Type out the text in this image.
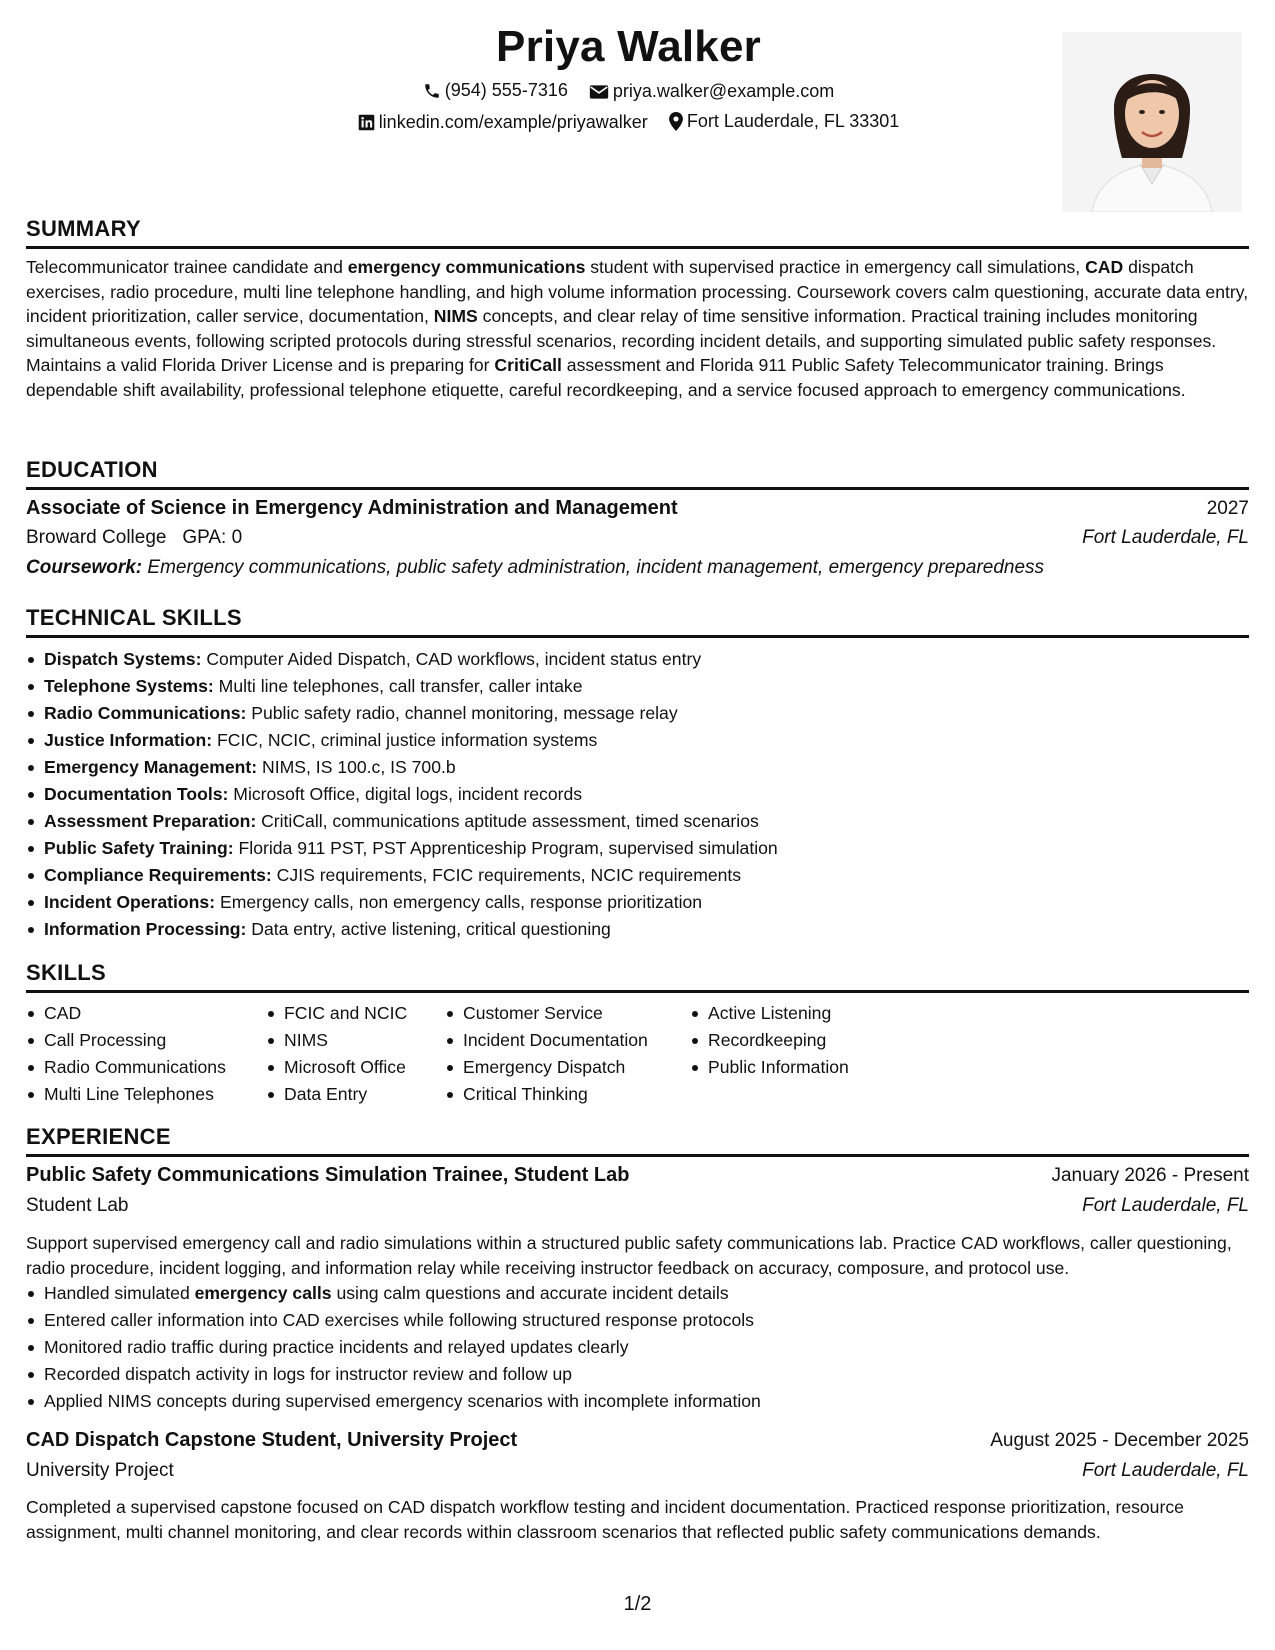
Priya Walker
(954) 555-7316
	priya.walker@example.com
linkedin.com/example/priyawalker
Fort Lauderdale, FL 33301
SUMMARY
Telecommunicator trainee candidate and emergency communications student with supervised practice in emergency call simulations, CAD dispatch exercises, radio procedure, multi line telephone handling, and high volume information processing. Coursework covers calm questioning, accurate data entry, incident prioritization, caller service, documentation, NIMS concepts, and clear relay of time sensitive information. Practical training includes monitoring simultaneous events, following scripted protocols during stressful scenarios, recording incident details, and supporting simulated public safety responses. Maintains a valid Florida Driver License and is preparing for CritiCall assessment and Florida 911 Public Safety Telecommunicator training. Brings dependable shift availability, professional telephone etiquette, careful recordkeeping, and a service focused approach to emergency communications.
EDUCATION
Associate of Science in Emergency Administration and Management	2027
Broward College GPA: 0	Fort Lauderdale, FL
Coursework: Emergency communications, public safety administration, incident management, emergency preparedness
TECHNICAL SKILLS
Dispatch Systems: Computer Aided Dispatch, CAD workflows, incident status entry
Telephone Systems: Multi line telephones, call transfer, caller intake
Radio Communications: Public safety radio, channel monitoring, message relay
Justice Information: FCIC, NCIC, criminal justice information systems
Emergency Management: NIMS, IS 100.c, IS 700.b
Documentation Tools: Microsoft Office, digital logs, incident records
Assessment Preparation: CritiCall, communications aptitude assessment, timed scenarios
Public Safety Training: Florida 911 PST, PST Apprenticeship Program, supervised simulation
Compliance Requirements: CJIS requirements, FCIC requirements, NCIC requirements
Incident Operations: Emergency calls, non emergency calls, response prioritization
Information Processing: Data entry, active listening, critical questioning
SKILLS
CAD
Call Processing
Radio Communications
Multi Line Telephones
FCIC and NCIC
NIMS
Microsoft Office
Data Entry
Customer Service
Incident Documentation
Emergency Dispatch
Critical Thinking
Active Listening
Recordkeeping
Public Information
EXPERIENCE
Public Safety Communications Simulation Trainee, Student Lab	January 2026 - Present
Student Lab	Fort Lauderdale, FL
Support supervised emergency call and radio simulations within a structured public safety communications lab. Practice CAD workflows, caller questioning, radio procedure, incident logging, and information relay while receiving instructor feedback on accuracy, composure, and protocol use.
Handled simulated emergency calls using calm questions and accurate incident details
Entered caller information into CAD exercises while following structured response protocols
Monitored radio traffic during practice incidents and relayed updates clearly
Recorded dispatch activity in logs for instructor review and follow up
Applied NIMS concepts during supervised emergency scenarios with incomplete information
CAD Dispatch Capstone Student, University Project	August 2025 - December 2025
University Project	Fort Lauderdale, FL
Completed a supervised capstone focused on CAD dispatch workflow testing and incident documentation. Practiced response prioritization, resource assignment, multi channel monitoring, and clear records within classroom scenarios that reflected public safety communications demands.
1/2
